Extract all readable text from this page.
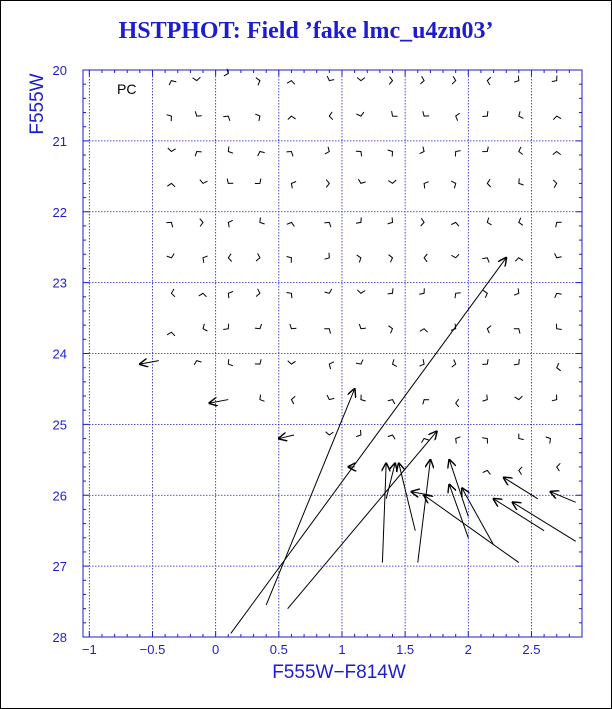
HSTPHOT: Field ’fake lmc_u4zn03’
−1	−0.5	0	0.5	1	1.5	2	2.5
20
21
22
23
24
25
26
27
28
PC
F555W−F814W
F555W
